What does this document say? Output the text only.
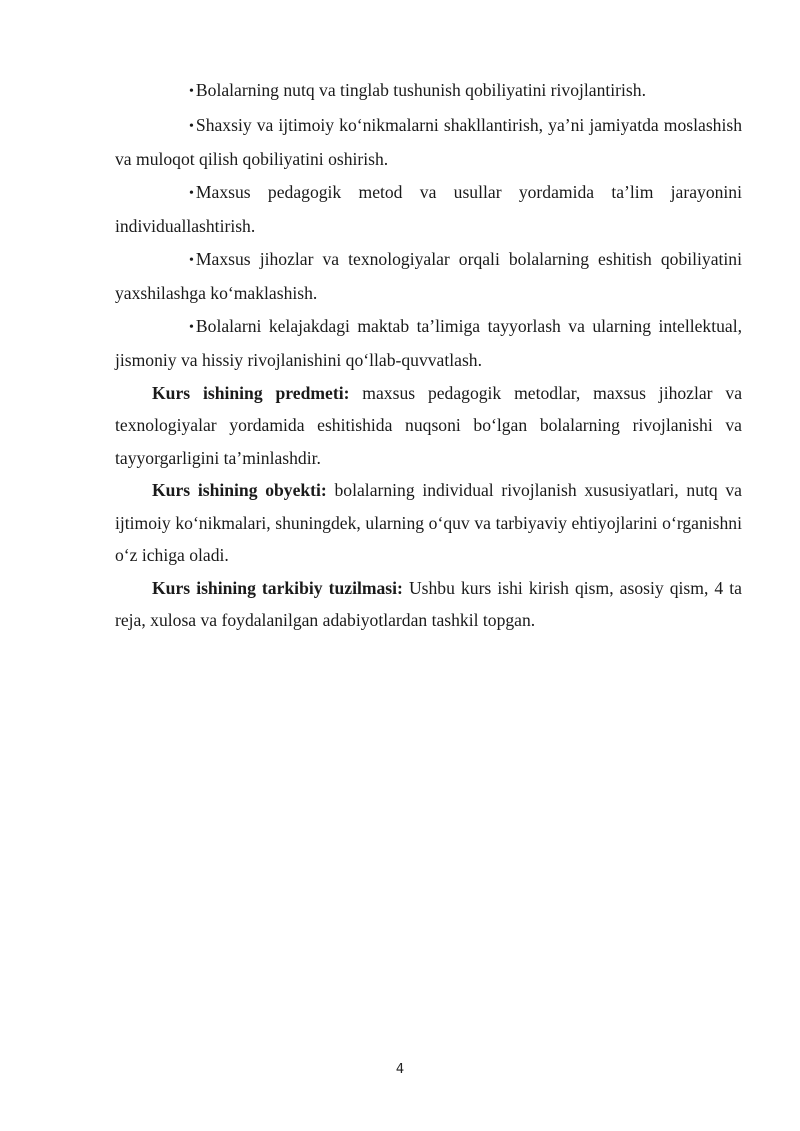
• Bolalarning nutq va tinglab tushunish qobiliyatini rivojlantirish.

• Shaxsiy va ijtimoiy ko‘nikmalarni shakllantirish, ya’ni jamiyatda moslashish va muloqot qilish qobiliyatini oshirish.

• Maxsus pedagogik metod va usullar yordamida ta’lim jarayonini individuallashtirish.

• Maxsus jihozlar va texnologiyalar orqali bolalarning eshitish qobiliyatini yaxshilashga ko‘maklashish.

• Bolalarni kelajakdagi maktab ta’limiga tayyorlash va ularning intellektual, jismoniy va hissiy rivojlanishini qo‘llab-quvvatlash.

Kurs ishining predmeti: maxsus pedagogik metodlar, maxsus jihozlar va texnologiyalar yordamida eshitishida nuqsoni bo‘lgan bolalarning rivojlanishi va tayyorgarligini ta’minlashdir.

Kurs ishining obyekti: bolalarning individual rivojlanish xususiyatlari, nutq va ijtimoiy ko‘nikmalari, shuningdek, ularning o‘quv va tarbiyaviy ehtiyojlarini o‘rganishni o‘z ichiga oladi.

Kurs ishining tarkibiy tuzilmasi: Ushbu kurs ishi kirish qism, asosiy qism, 4 ta reja, xulosa va foydalanilgan adabiyotlardan tashkil topgan.

4
